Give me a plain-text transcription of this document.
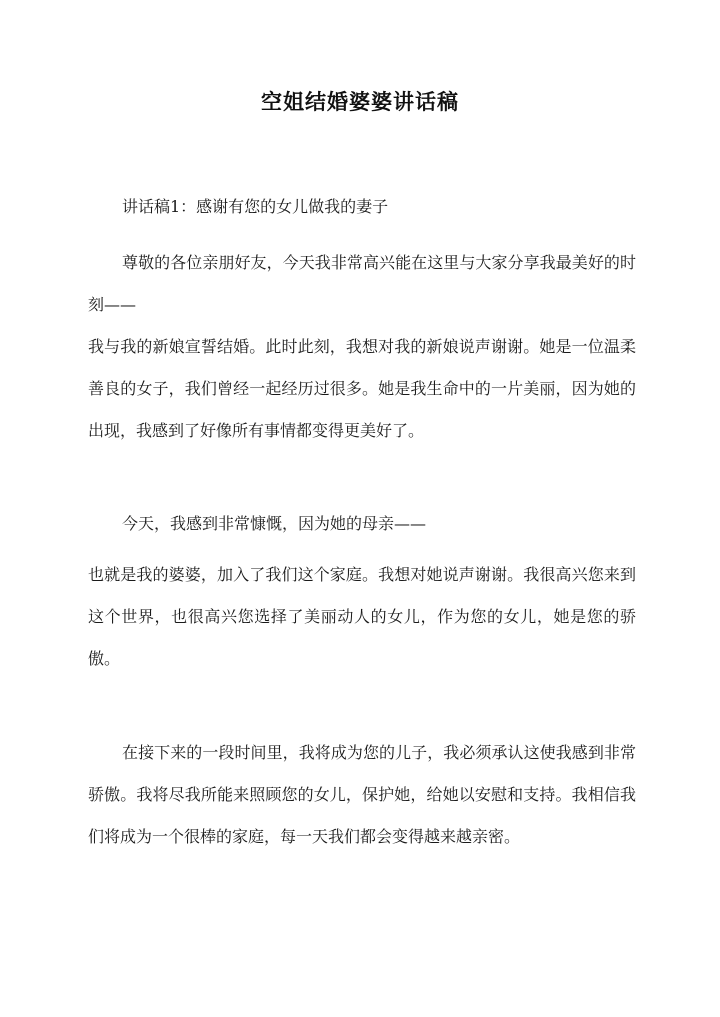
空姐结婚婆婆讲话稿
讲话稿1：感谢有您的女儿做我的妻子
尊敬的各位亲朋好友，今天我非常高兴能在这里与大家分享我最美好的时刻——
我与我的新娘宣誓结婚。此时此刻，我想对我的新娘说声谢谢。她是一位温柔善良的女子，我们曾经一起经历过很多。她是我生命中的一片美丽，因为她的出现，我感到了好像所有事情都变得更美好了。
今天，我感到非常慷慨，因为她的母亲——
也就是我的婆婆，加入了我们这个家庭。我想对她说声谢谢。我很高兴您来到这个世界，也很高兴您选择了美丽动人的女儿，作为您的女儿，她是您的骄傲。
在接下来的一段时间里，我将成为您的儿子，我必须承认这使我感到非常骄傲。我将尽我所能来照顾您的女儿，保护她，给她以安慰和支持。我相信我们将成为一个很棒的家庭，每一天我们都会变得越来越亲密。
